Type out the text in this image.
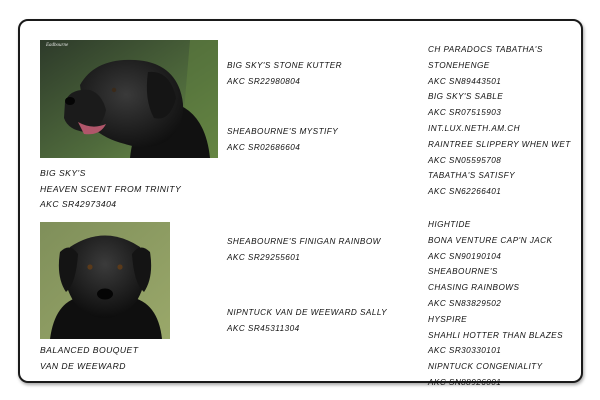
Eadbourne
BIG SKY'S
HEAVEN SCENT FROM TRINITY
AKC SR42973404
BIG SKY'S STONE KUTTER
AKC SR22980804
SHEABOURNE'S MYSTIFY
AKC SR02686604
CH PARADOCS TABATHA'S
STONEHENGE
AKC SN89443501
BIG SKY'S SABLE
AKC SR07515903
INT.LUX.NETH.AM.CH
RAINTREE SLIPPERY WHEN WET
AKC SN05595708
TABATHA'S SATISFY
AKC SN62266401
BALANCED BOUQUET
VAN DE WEEWARD
SHEABOURNE'S FINIGAN RAINBOW
AKC SR29255601
NIPNTUCK VAN DE WEEWARD SALLY
AKC SR45311304
HIGHTIDE
BONA VENTURE CAP'N JACK
AKC SN90190104
SHEABOURNE'S
CHASING RAINBOWS
AKC SN83829502
HYSPIRE
SHAHLI HOTTER THAN BLAZES
AKC SR30330101
NIPNTUCK CONGENIALITY
AKC SN88926001
